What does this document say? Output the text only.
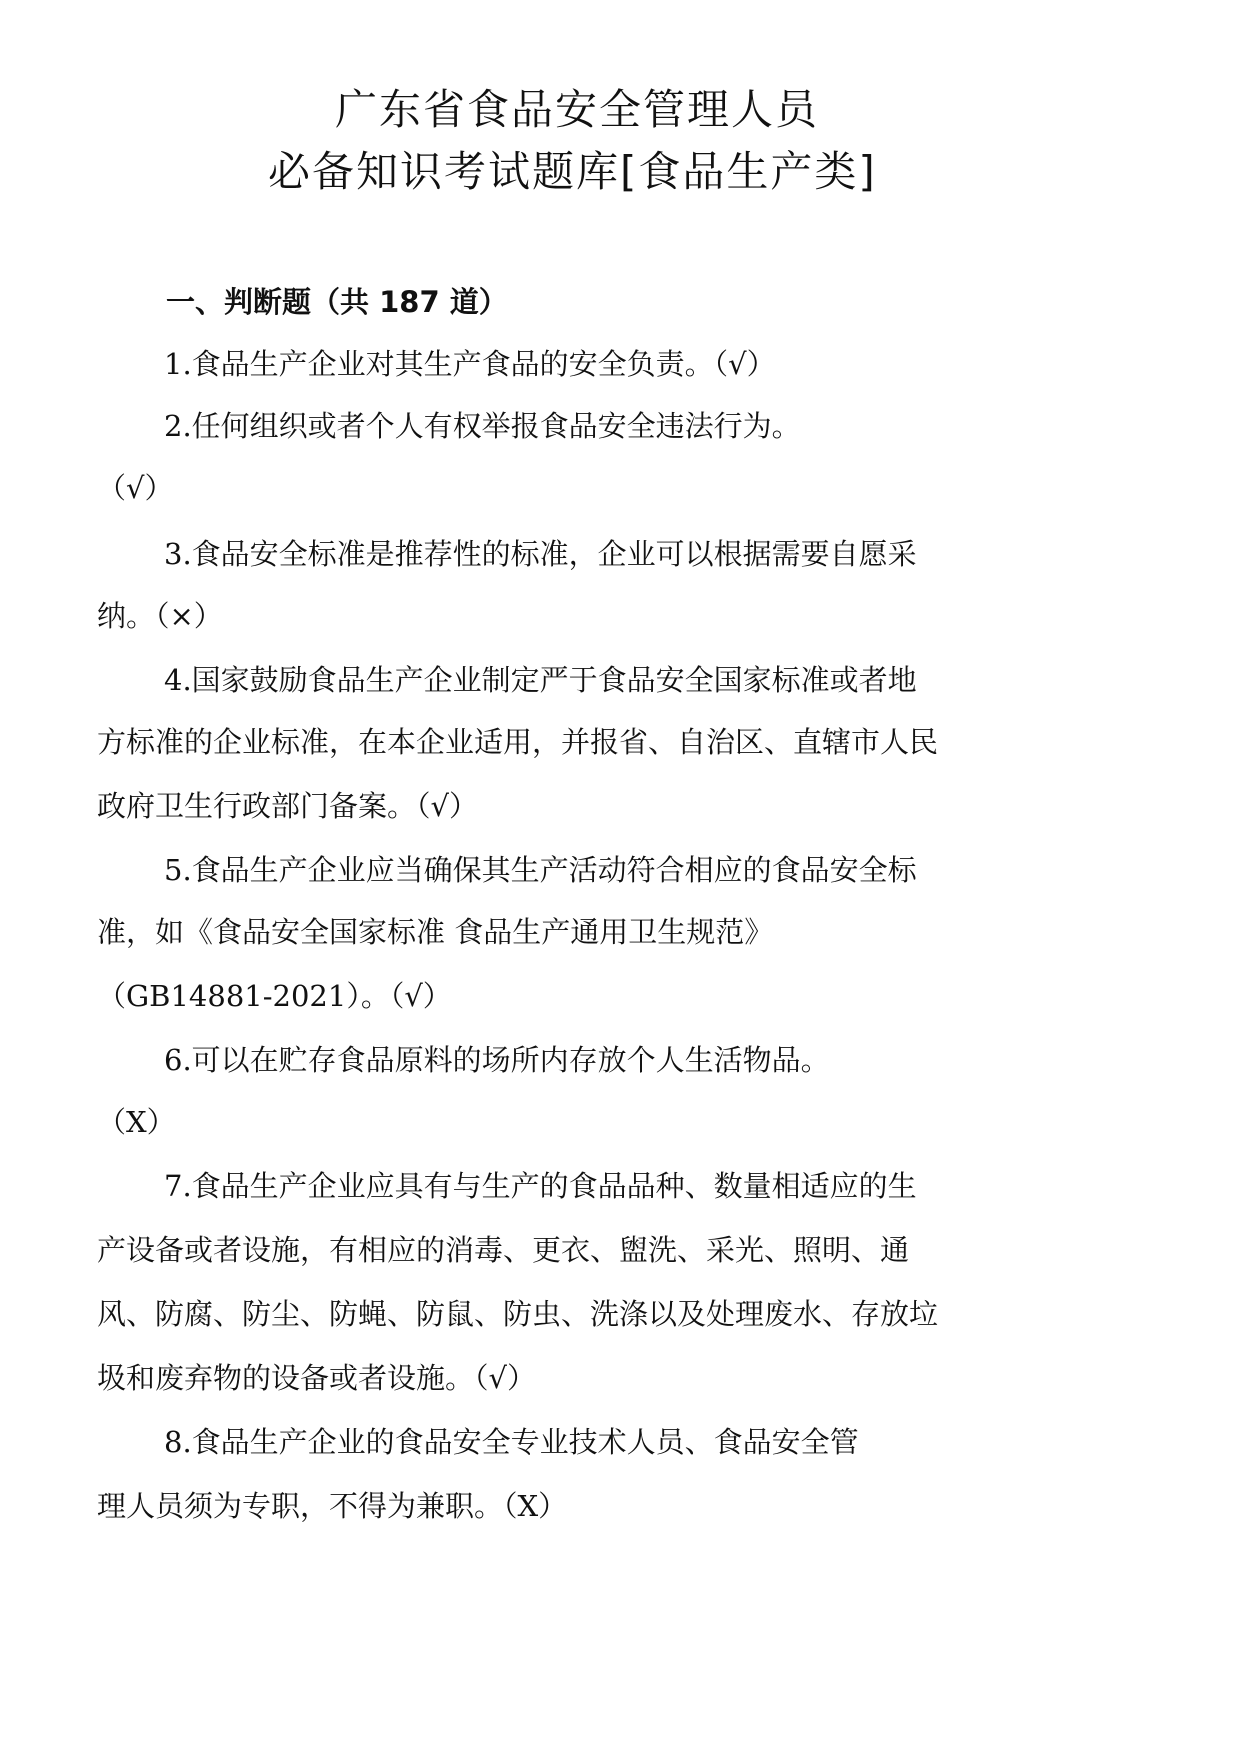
广东省食品安全管理人员
必备知识考试题库[食品生产类]
一、判断题（共 187 道）

1.食品生产企业对其生产食品的安全负责。（√）

2.任何组织或者个人有权举报食品安全违法行为。

（√）

3.食品安全标准是推荐性的标准，企业可以根据需要自愿采

纳。（×）

4.国家鼓励食品生产企业制定严于食品安全国家标准或者地

方标准的企业标准，在本企业适用，并报省、自治区、直辖市人民

政府卫生行政部门备案。（√）

5.食品生产企业应当确保其生产活动符合相应的食品安全标

准，如《食品安全国家标准 食品生产通用卫生规范》

（GB14881-2021）。（√）

6.可以在贮存食品原料的场所内存放个人生活物品。

（X）

7.食品生产企业应具有与生产的食品品种、数量相适应的生

产设备或者设施，有相应的消毒、更衣、盥洗、采光、照明、通

风、防腐、防尘、防蝇、防鼠、防虫、洗涤以及处理废水、存放垃

圾和废弃物的设备或者设施。（√）

8.食品生产企业的食品安全专业技术人员、食品安全管

理人员须为专职，不得为兼职。（X）
